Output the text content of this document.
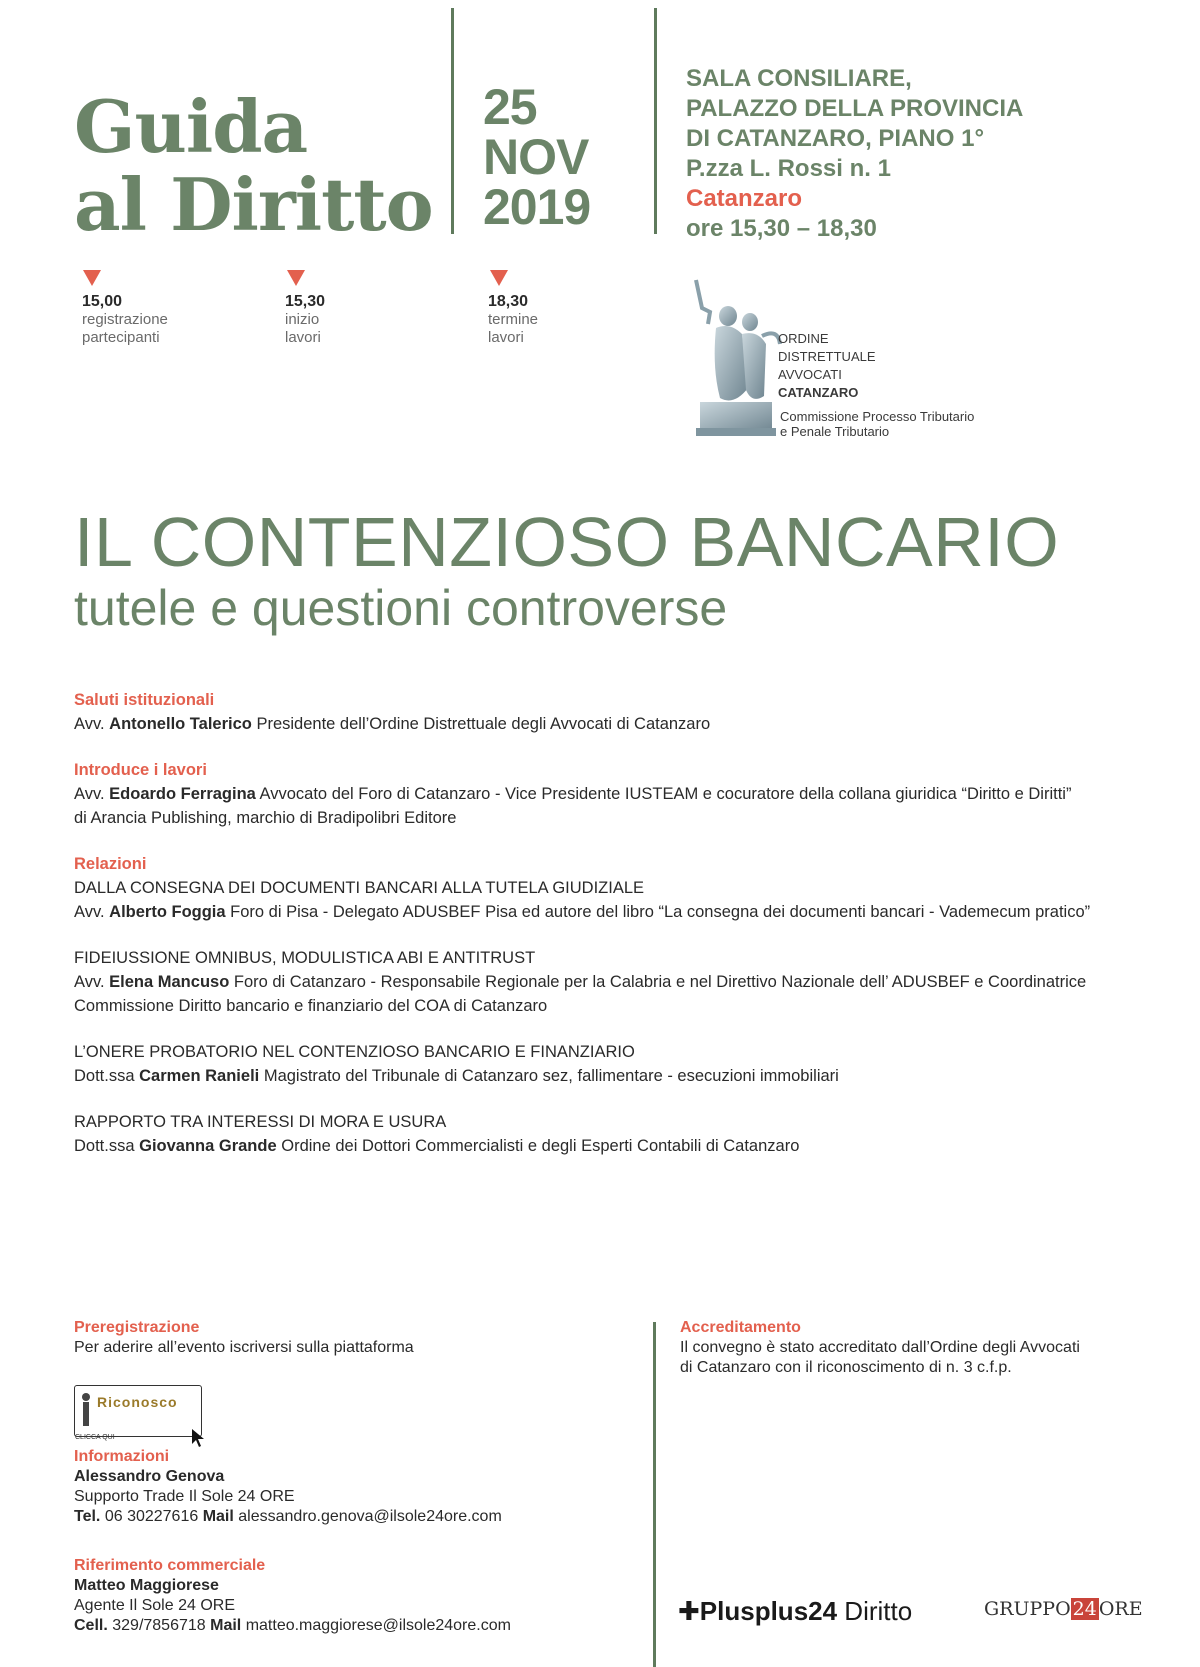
Guida
al Diritto
25
NOV
2019
SALA CONSILIARE,
PALAZZO DELLA PROVINCIA
DI CATANZARO, PIANO 1°
P.zza L. Rossi n. 1
Catanzaro
ore 15,30 – 18,30
15,00
registrazione
partecipanti
15,30
inizio
lavori
18,30
termine
lavori	ORDINE
DISTRETTUALE
AVVOCATI
CATANZARO
Commissione Processo Tributario
e Penale Tributario
IL CONTENZIOSO BANCARIO
tutele e questioni controverse

Saluti istituzionali

Avv. Antonello Talerico Presidente dell’Ordine Distrettuale degli Avvocati di Catanzaro

Introduce i lavori

Avv. Edoardo Ferragina Avvocato del Foro di Catanzaro - Vice Presidente IUSTEAM e cocuratore della collana giuridica “Diritto e Diritti”

di Arancia Publishing, marchio di Bradipolibri Editore

Relazioni

DALLA CONSEGNA DEI DOCUMENTI BANCARI ALLA TUTELA GIUDIZIALE

Avv. Alberto Foggia Foro di Pisa - Delegato ADUSBEF Pisa ed autore del libro “La consegna dei documenti bancari - Vademecum pratico”

FIDEIUSSIONE OMNIBUS, MODULISTICA ABI E ANTITRUST

Avv. Elena Mancuso Foro di Catanzaro - Responsabile Regionale per la Calabria e nel Direttivo Nazionale dell’ ADUSBEF e Coordinatrice

Commissione Diritto bancario e finanziario del COA di Catanzaro

L’ONERE PROBATORIO NEL CONTENZIOSO BANCARIO E FINANZIARIO

Dott.ssa Carmen Ranieli Magistrato del Tribunale di Catanzaro sez, fallimentare - esecuzioni immobiliari

RAPPORTO TRA INTERESSI DI MORA E USURA

Dott.ssa Giovanna Grande Ordine dei Dottori Commercialisti e degli Esperti Contabili di Catanzaro

Preregistrazione
Per aderire all’evento iscriversi sulla piattaforma
Riconosco
CLICCA QUI
Informazioni
Alessandro Genova
Supporto Trade Il Sole 24 ORE
Tel. 06 30227616 Mail alessandro.genova@ilsole24ore.com
Riferimento commerciale
Matteo Maggiorese
Agente Il Sole 24 ORE
Cell. 329/7856718 Mail matteo.maggiorese@ilsole24ore.com
Accreditamento
Il convegno è stato accreditato dall’Ordine degli Avvocati
di Catanzaro con il riconoscimento di n. 3 c.f.p.
✚Plusplus24 Diritto	GRUPPO 24 ORE
